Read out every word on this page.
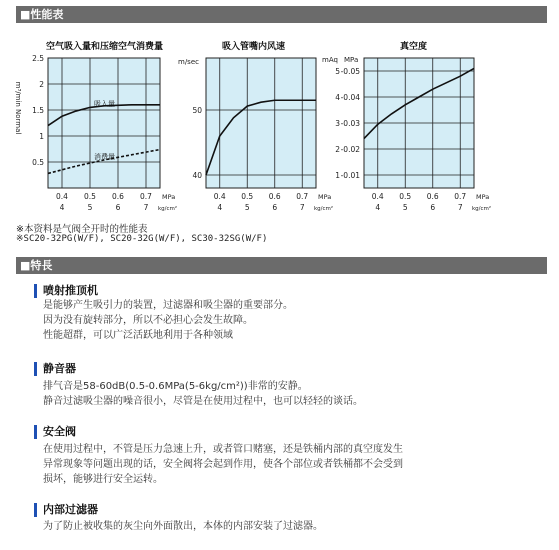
■性能表
空气吸入量和压缩空气消费量
0.4
4
0.5
5
0.6
6
0.7
7
MPa
kg/cm²
2.5
2
1.5
1
0.5
吸入量
消费量
m³/min Normal
吸入管嘴内风速
0.4
4
0.5
5
0.6
6
0.7
7
MPa
kg/cm²
50
40
m/sec
真空度
0.4
4
0.5
5
0.6
6
0.7
7
MPa
kg/cm²
-0.05
5
-0.04
4
-0.03
3
-0.02
2
-0.01
1
mAq MPa
※本资料是气阀全开时的性能表
※SC20-32PG(W/F), SC20-32G(W/F), SC30-32SG(W/F)
■特長
喷射推顶机
是能够产生吸引力的装置，过滤器和吸尘器的重要部分。
因为没有旋转部分，所以不必担心会发生故障。
性能超群，可以广泛活跃地利用于各种领域
静音器
排气音是58-60dB(0.5-0.6MPa(5-6kg/cm²))非常的安静。
静音过滤吸尘器的噪音很小，尽管是在使用过程中，也可以轻轻的谈话。
安全阀
在使用过程中，不管是压力急速上升，或者管口赌塞，还是铁桶内部的真空度发生
异常现象等问题出现的话，安全阀将会起到作用，使各个部位或者铁桶都不会受到
损坏，能够进行安全运转。
内部过滤器
为了防止被收集的灰尘向外面散出，本体的内部安装了过滤器。
